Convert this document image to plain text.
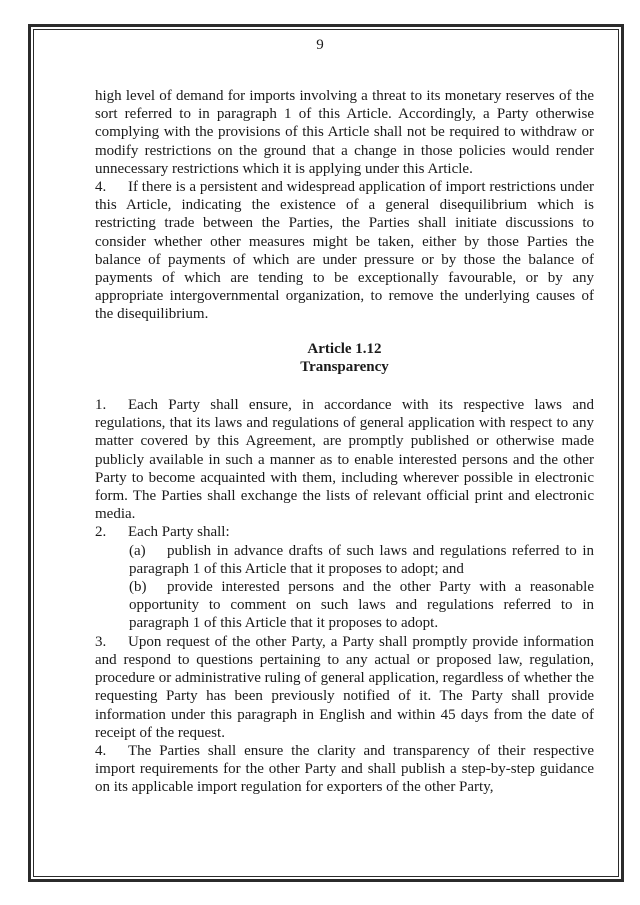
9

high level of demand for imports involving a threat to its monetary reserves of the sort referred to in paragraph 1 of this Article. Accordingly, a Party otherwise complying with the provisions of this Article shall not be required to withdraw or modify restrictions on the ground that a change in those policies would render unnecessary restrictions which it is applying under this Article.

4. If there is a persistent and widespread application of import restrictions under this Article, indicating the existence of a general disequilibrium which is restricting trade between the Parties, the Parties shall initiate discussions to consider whether other measures might be taken, either by those Parties the balance of payments of which are under pressure or by those the balance of payments of which are tending to be exceptionally favourable, or by any appropriate intergovernmental organization, to remove the underlying causes of the disequilibrium.

Article 1.12

Transparency

1. Each Party shall ensure, in accordance with its respective laws and regulations, that its laws and regulations of general application with respect to any matter covered by this Agreement, are promptly published or otherwise made publicly available in such a manner as to enable interested persons and the other Party to become acquainted with them, including wherever possible in electronic form. The Parties shall exchange the lists of relevant official print and electronic media.

2. Each Party shall:

(a) publish in advance drafts of such laws and regulations referred to in paragraph 1 of this Article that it proposes to adopt; and

(b) provide interested persons and the other Party with a reasonable opportunity to comment on such laws and regulations referred to in paragraph 1 of this Article that it proposes to adopt.

3. Upon request of the other Party, a Party shall promptly provide information and respond to questions pertaining to any actual or proposed law, regulation, procedure or administrative ruling of general application, regardless of whether the requesting Party has been previously notified of it. The Party shall provide information under this paragraph in English and within 45 days from the date of receipt of the request.

4. The Parties shall ensure the clarity and transparency of their respective import requirements for the other Party and shall publish a step-by-step guidance on its applicable import regulation for exporters of the other Party,
